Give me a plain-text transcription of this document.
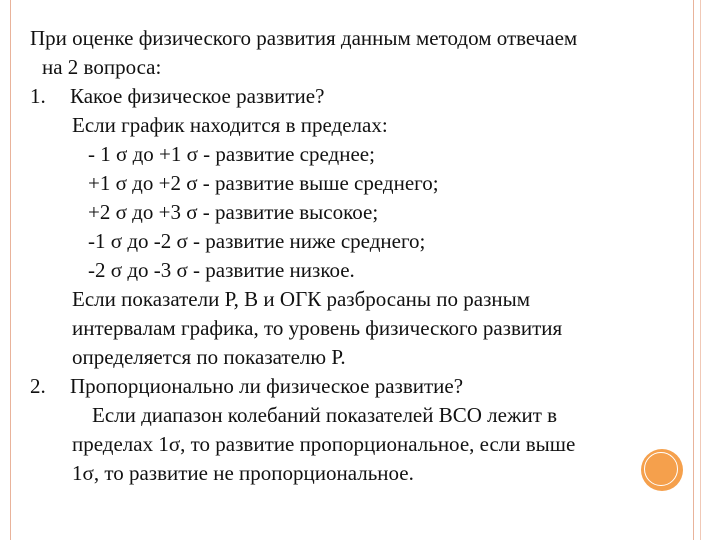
При оценке физического развития данным методом отвечаем

на 2 вопроса:

1. Какое физическое развитие?

Если график находится в пределах:

- 1 σ до +1 σ - развитие среднее;

+1 σ до +2 σ - развитие выше среднего;

+2 σ до +3 σ - развитие высокое;

-1 σ до -2 σ - развитие ниже среднего;

-2 σ до -3 σ - развитие низкое.

Если показатели Р, В и ОГК разбросаны по разным

интервалам графика, то уровень физического развития

определяется по показателю Р.

2. Пропорционально ли физическое развитие?

Если диапазон колебаний показателей ВСО лежит в

пределах 1σ, то развитие пропорциональное, если выше

1σ, то развитие не пропорциональное.
